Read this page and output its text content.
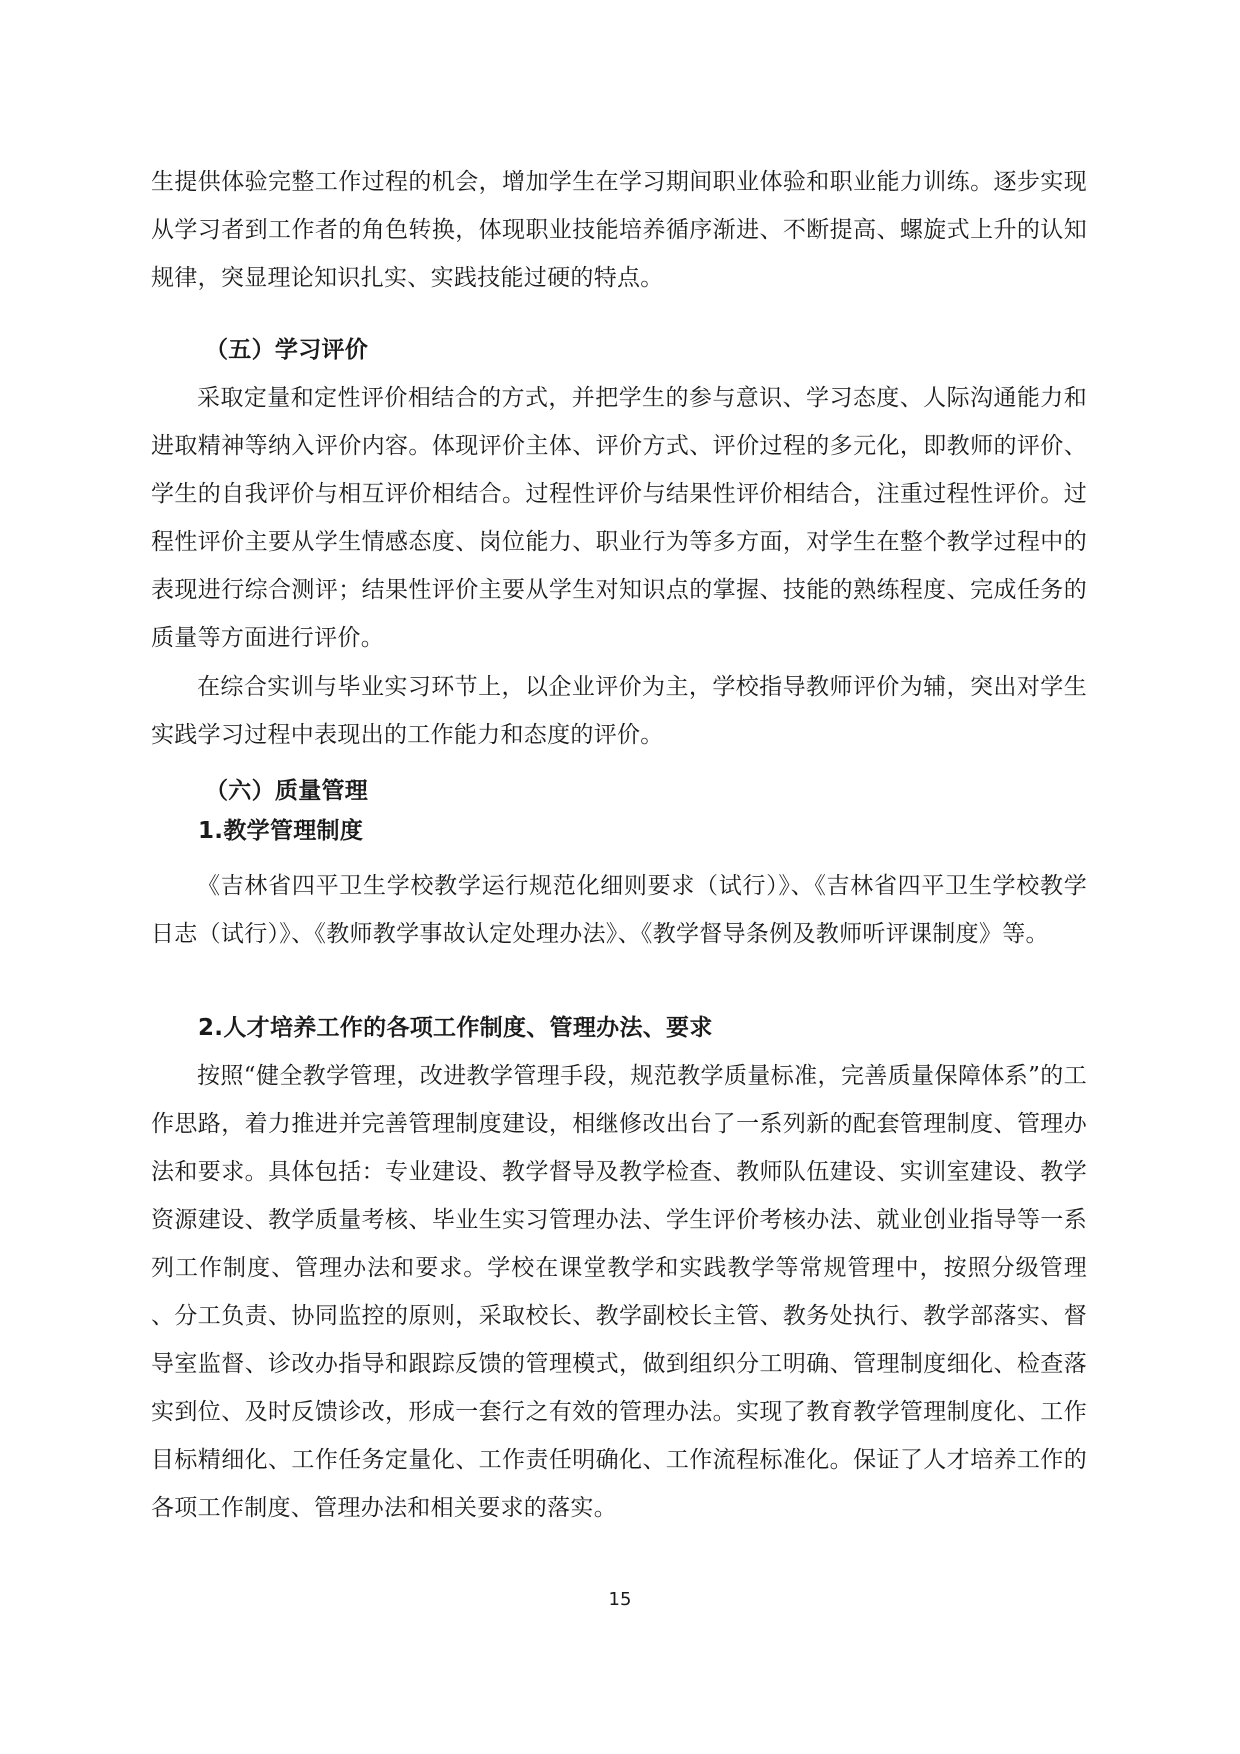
生提供体验完整工作过程的机会，增加学生在学习期间职业体验和职业能力训练。逐步实现从学习者到工作者的角色转换，体现职业技能培养循序渐进、不断提高、螺旋式上升的认知规律，突显理论知识扎实、实践技能过硬的特点。

（五）学习评价

采取定量和定性评价相结合的方式，并把学生的参与意识、学习态度、人际沟通能力和进取精神等纳入评价内容。体现评价主体、评价方式、评价过程的多元化，即教师的评价、学生的自我评价与相互评价相结合。过程性评价与结果性评价相结合，注重过程性评价。过程性评价主要从学生情感态度、岗位能力、职业行为等多方面，对学生在整个教学过程中的表现进行综合测评；结果性评价主要从学生对知识点的掌握、技能的熟练程度、完成任务的质量等方面进行评价。

在综合实训与毕业实习环节上，以企业评价为主，学校指导教师评价为辅，突出对学生实践学习过程中表现出的工作能力和态度的评价。

（六）质量管理
1.教学管理制度

《吉林省四平卫生学校教学运行规范化细则要求（试行）》、《吉林省四平卫生学校教学日志（试行）》、《教师教学事故认定处理办法》、《教学督导条例及教师听评课制度》等。

2.人才培养工作的各项工作制度、管理办法、要求

按照“健全教学管理，改进教学管理手段，规范教学质量标准，完善质量保障体系”的工作思路，着力推进并完善管理制度建设，相继修改出台了一系列新的配套管理制度、管理办法和要求。具体包括：专业建设、教学督导及教学检查、教师队伍建设、实训室建设、教学资源建设、教学质量考核、毕业生实习管理办法、学生评价考核办法、就业创业指导等一系列工作制度、管理办法和要求。学校在课堂教学和实践教学等常规管理中，按照分级管理 、分工负责、协同监控的原则，采取校长、教学副校长主管、教务处执行、教学部落实、督导室监督、诊改办指导和跟踪反馈的管理模式，做到组织分工明确、管理制度细化、检查落实到位、及时反馈诊改，形成一套行之有效的管理办法。实现了教育教学管理制度化、工作目标精细化、工作任务定量化、工作责任明确化、工作流程标准化。保证了人才培养工作的各项工作制度、管理办法和相关要求的落实。

15
